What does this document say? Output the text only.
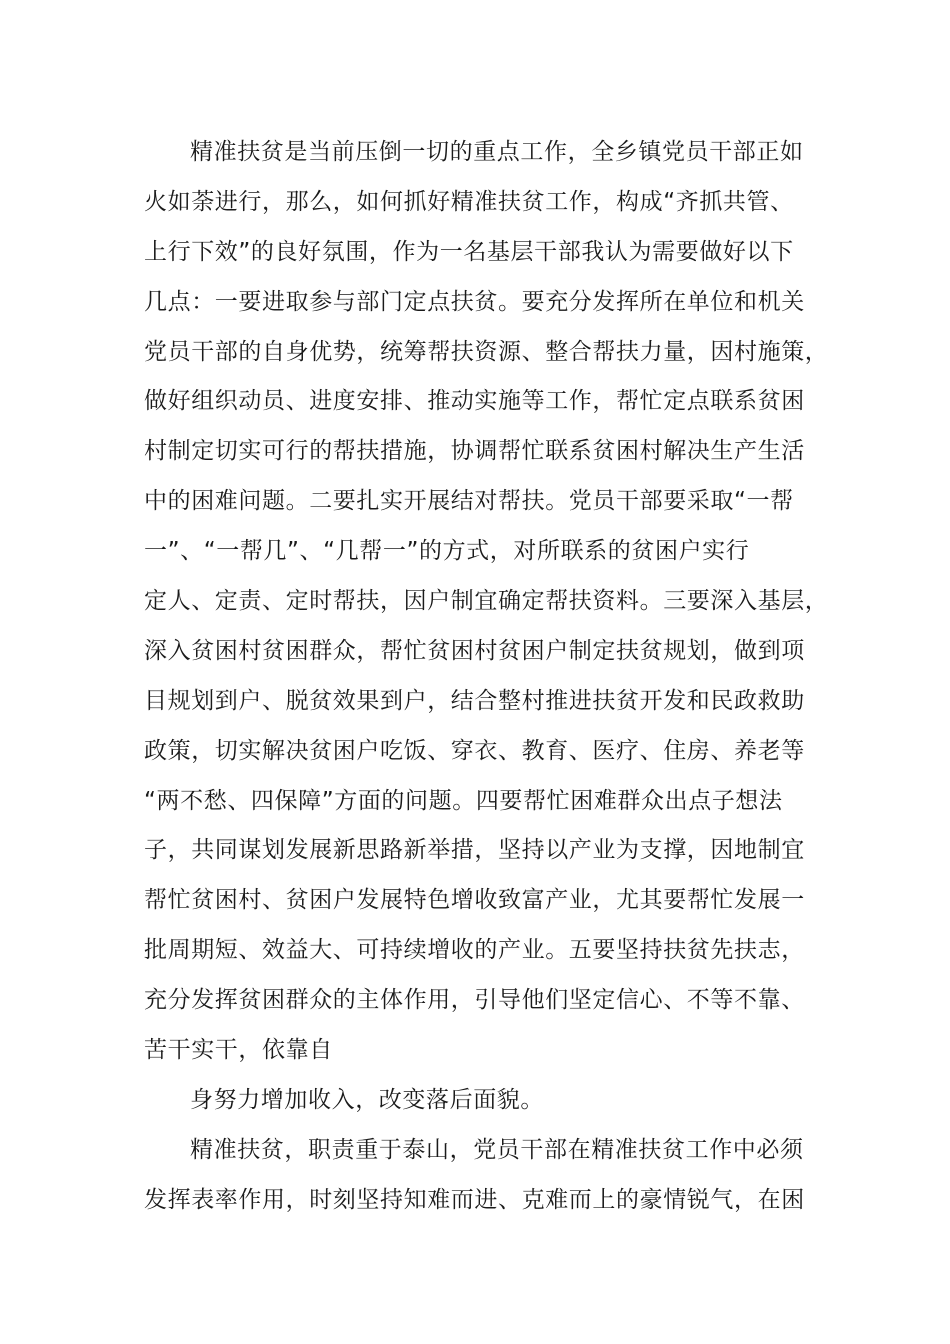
精准扶贫是当前压倒一切的重点工作，全乡镇党员干部正如
火如荼进行，那么，如何抓好精准扶贫工作，构成“齐抓共管、
上行下效”的良好氛围，作为一名基层干部我认为需要做好以下
几点：一要进取参与部门定点扶贫。要充分发挥所在单位和机关
党员干部的自身优势，统筹帮扶资源、整合帮扶力量，因村施策，
做好组织动员、进度安排、推动实施等工作，帮忙定点联系贫困
村制定切实可行的帮扶措施，协调帮忙联系贫困村解决生产生活
中的困难问题。二要扎实开展结对帮扶。党员干部要采取“一帮
一”、“一帮几”、“几帮一”的方式，对所联系的贫困户实行
定人、定责、定时帮扶，因户制宜确定帮扶资料。三要深入基层，
深入贫困村贫困群众，帮忙贫困村贫困户制定扶贫规划，做到项
目规划到户、脱贫效果到户，结合整村推进扶贫开发和民政救助
政策，切实解决贫困户吃饭、穿衣、教育、医疗、住房、养老等
“两不愁、四保障”方面的问题。四要帮忙困难群众出点子想法
子，共同谋划发展新思路新举措，坚持以产业为支撑，因地制宜
帮忙贫困村、贫困户发展特色增收致富产业，尤其要帮忙发展一
批周期短、效益大、可持续增收的产业。五要坚持扶贫先扶志，
充分发挥贫困群众的主体作用，引导他们坚定信心、不等不靠、
苦干实干，依靠自
身努力增加收入，改变落后面貌。
精准扶贫，职责重于泰山，党员干部在精准扶贫工作中必须
发挥表率作用，时刻坚持知难而进、克难而上的豪情锐气，在困
